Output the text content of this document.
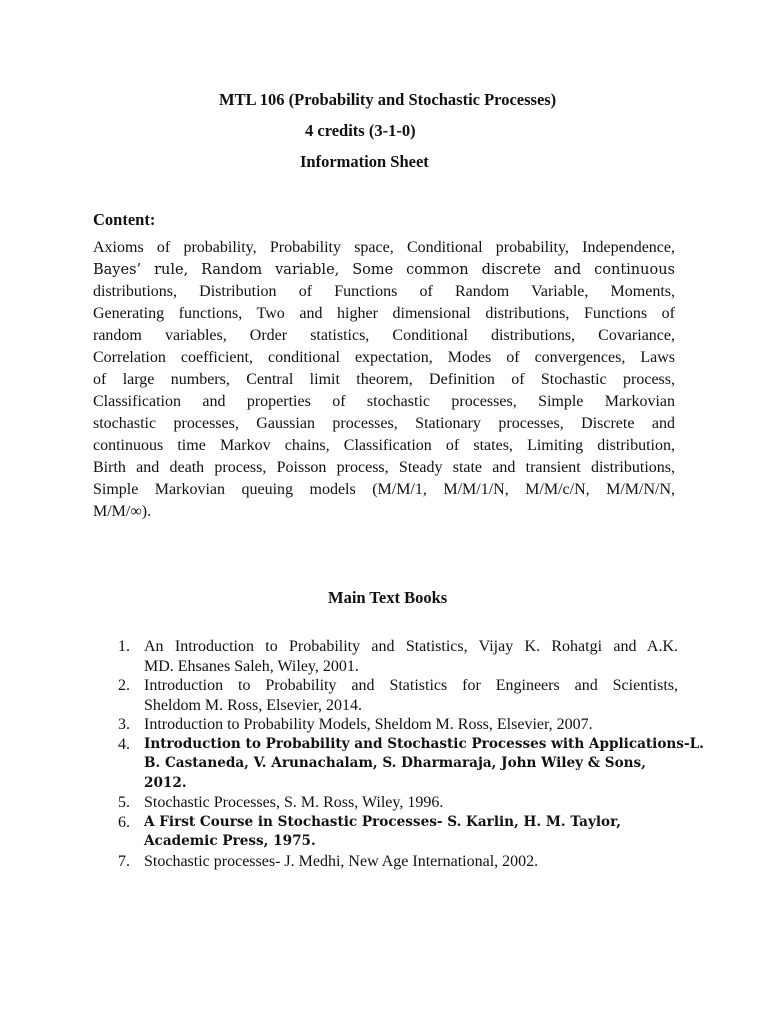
MTL 106 (Probability and Stochastic Processes)
4 credits (3-1-0)
Information Sheet
Content:
Axioms of probability, Probability space, Conditional probability, Independence,
Bayes’ rule, Random variable, Some common discrete and continuous
distributions, Distribution of Functions of Random Variable, Moments,
Generating functions, Two and higher dimensional distributions, Functions of
random variables, Order statistics, Conditional distributions, Covariance,
Correlation coefficient, conditional expectation, Modes of convergences, Laws
of large numbers, Central limit theorem, Definition of Stochastic process,
Classification and properties of stochastic processes, Simple Markovian
stochastic processes, Gaussian processes, Stationary processes, Discrete and
continuous time Markov chains, Classification of states, Limiting distribution,
Birth and death process, Poisson process, Steady state and transient distributions,
Simple Markovian queuing models (M/M/1, M/M/1/N, M/M/c/N, M/M/N/N,
M/M/∞).
Main Text Books
1. An Introduction to Probability and Statistics, Vijay K. Rohatgi and A.K.
MD. Ehsanes Saleh, Wiley, 2001.
2. Introduction to Probability and Statistics for Engineers and Scientists,
Sheldom M. Ross, Elsevier, 2014.
3. Introduction to Probability Models, Sheldom M. Ross, Elsevier, 2007.
4. Introduction to Probability and Stochastic Processes with Applications-L.
B. Castaneda, V. Arunachalam, S. Dharmaraja, John Wiley & Sons,
2012.
5. Stochastic Processes, S. M. Ross, Wiley, 1996.
6. A First Course in Stochastic Processes- S. Karlin, H. M. Taylor,
Academic Press, 1975.
7. Stochastic processes- J. Medhi, New Age International, 2002.
